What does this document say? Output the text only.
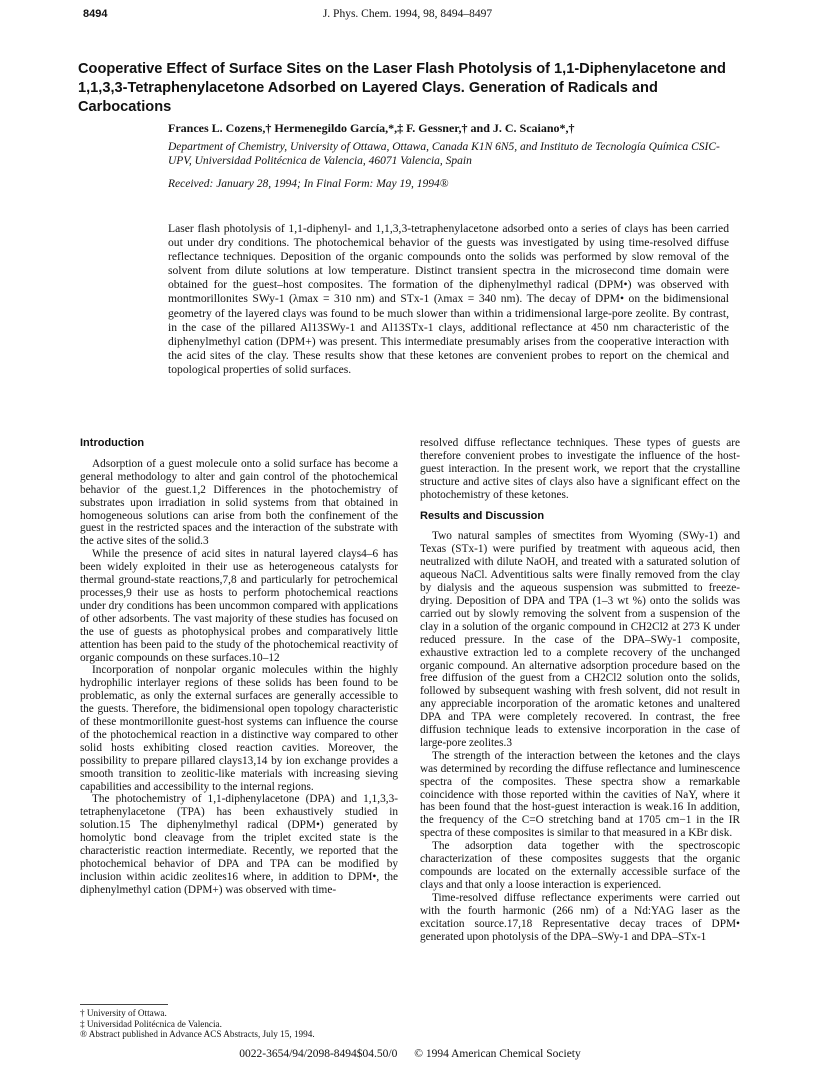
8494	J. Phys. Chem. 1994, 98, 8494–8497
Cooperative Effect of Surface Sites on the Laser Flash Photolysis of 1,1-Diphenylacetone and 1,1,3,3-Tetraphenylacetone Adsorbed on Layered Clays. Generation of Radicals and Carbocations
Frances L. Cozens,† Hermenegildo García,*,‡ F. Gessner,† and J. C. Scaiano*,†
Department of Chemistry, University of Ottawa, Ottawa, Canada K1N 6N5, and Instituto de Tecnología Química CSIC-UPV, Universidad Politécnica de Valencia, 46071 Valencia, Spain
Received: January 28, 1994; In Final Form: May 19, 1994®
Laser flash photolysis of 1,1-diphenyl- and 1,1,3,3-tetraphenylacetone adsorbed onto a series of clays has been carried out under dry conditions. The photochemical behavior of the guests was investigated by using time-resolved diffuse reflectance techniques. Deposition of the organic compounds onto the solids was performed by slow removal of the solvent from dilute solutions at low temperature. Distinct transient spectra in the microsecond time domain were obtained for the guest–host composites. The formation of the diphenylmethyl radical (DPM•) was observed with montmorillonites SWy-1 (λmax = 310 nm) and STx-1 (λmax = 340 nm). The decay of DPM• on the bidimensional geometry of the layered clays was found to be much slower than within a tridimensional large-pore zeolite. By contrast, in the case of the pillared Al13SWy-1 and Al13STx-1 clays, additional reflectance at 450 nm characteristic of the diphenylmethyl cation (DPM+) was present. This intermediate presumably arises from the cooperative interaction with the acid sites of the clay. These results show that these ketones are convenient probes to report on the chemical and topological properties of solid surfaces.
Introduction

Adsorption of a guest molecule onto a solid surface has become a general methodology to alter and gain control of the photochemical behavior of the guest.1,2 Differences in the photochemistry of substrates upon irradiation in solid systems from that obtained in homogeneous solutions can arise from both the confinement of the guest in the restricted spaces and the interaction of the substrate with the active sites of the solid.3

While the presence of acid sites in natural layered clays4–6 has been widely exploited in their use as heterogeneous catalysts for thermal ground-state reactions,7,8 and particularly for petrochemical processes,9 their use as hosts to perform photochemical reactions under dry conditions has been uncommon compared with applications of other adsorbents. The vast majority of these studies has focused on the use of guests as photophysical probes and comparatively little attention has been paid to the study of the photochemical reactivity of organic compounds on these surfaces.10–12

Incorporation of nonpolar organic molecules within the highly hydrophilic interlayer regions of these solids has been found to be problematic, as only the external surfaces are generally accessible to the guests. Therefore, the bidimensional open topology characteristic of these montmorillonite guest-host systems can influence the course of the photochemical reaction in a distinctive way compared to other solid hosts exhibiting closed reaction cavities. Moreover, the possibility to prepare pillared clays13,14 by ion exchange provides a smooth transition to zeolitic-like materials with increasing sieving capabilities and accessibility to the internal regions.

The photochemistry of 1,1-diphenylacetone (DPA) and 1,1,3,3-tetraphenylacetone (TPA) has been exhaustively studied in solution.15 The diphenylmethyl radical (DPM•) generated by homolytic bond cleavage from the triplet excited state is the characteristic reaction intermediate. Recently, we reported that the photochemical behavior of DPA and TPA can be modified by inclusion within acidic zeolites16 where, in addition to DPM•, the diphenylmethyl cation (DPM+) was observed with time-

resolved diffuse reflectance techniques. These types of guests are therefore convenient probes to investigate the influence of the host-guest interaction. In the present work, we report that the crystalline structure and active sites of clays also have a significant effect on the photochemistry of these ketones.

Results and Discussion

Two natural samples of smectites from Wyoming (SWy-1) and Texas (STx-1) were purified by treatment with aqueous acid, then neutralized with dilute NaOH, and treated with a saturated solution of aqueous NaCl. Adventitious salts were finally removed from the clay by dialysis and the aqueous suspension was submitted to freeze-drying. Deposition of DPA and TPA (1–3 wt %) onto the solids was carried out by slowly removing the solvent from a suspension of the clay in a solution of the organic compound in CH2Cl2 at 273 K under reduced pressure. In the case of the DPA–SWy-1 composite, exhaustive extraction led to a complete recovery of the unchanged organic compound. An alternative adsorption procedure based on the free diffusion of the guest from a CH2Cl2 solution onto the solids, followed by subsequent washing with fresh solvent, did not result in any appreciable incorporation of the aromatic ketones and unaltered DPA and TPA were completely recovered. In contrast, the free diffusion technique leads to extensive incorporation in the case of large-pore zeolites.3

The strength of the interaction between the ketones and the clays was determined by recording the diffuse reflectance and luminescence spectra of the composites. These spectra show a remarkable coincidence with those reported within the cavities of NaY, where it has been found that the host-guest interaction is weak.16 In addition, the frequency of the C=O stretching band at 1705 cm−1 in the IR spectra of these composites is similar to that measured in a KBr disk.

The adsorption data together with the spectroscopic characterization of these composites suggests that the organic compounds are located on the externally accessible surface of the clays and that only a loose interaction is experienced.

Time-resolved diffuse reflectance experiments were carried out with the fourth harmonic (266 nm) of a Nd:YAG laser as the excitation source.17,18 Representative decay traces of DPM• generated upon photolysis of the DPA–SWy-1 and DPA–STx-1

† University of Ottawa.
‡ Universidad Politécnica de Valencia.
® Abstract published in Advance ACS Abstracts, July 15, 1994.
0022-3654/94/2098-8494$04.50/0 © 1994 American Chemical Society
